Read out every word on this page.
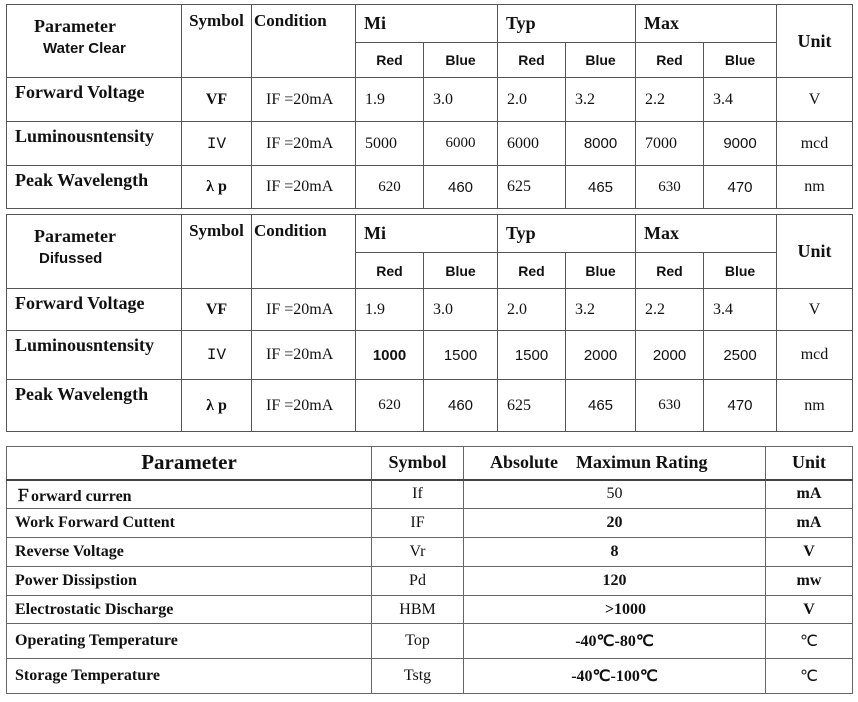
Parameter
Water Clear	Symbol	Condition	Mi		Typ		Max		Unit
			Red	Blue	Red	Blue	Red	Blue	
Forward Voltage	VF	IF =20mA	1.9	3.0	2.0	3.2	2.2	3.4	V
Luminousntensity	IV	IF =20mA	5000	6000	6000	8000	7000	9000	mcd
Peak Wavelength	λ p	IF =20mA	620	460	625	465	630	470	nm
Parameter
Difussed	Symbol	Condition	Mi		Typ		Max		Unit
			Red	Blue	Red	Blue	Red	Blue	
Forward Voltage	VF	IF =20mA	1.9	3.0	2.0	3.2	2.2	3.4	V
Luminousntensity	IV	IF =20mA	1000	1500	1500	2000	2000	2500	mcd
Peak Wavelength	λ p	IF =20mA	620	460	625	465	630	470	nm
Parameter	Symbol	Absolute    Maximun Rating	Unit
Ｆorward curren	If	50	mA
Work Forward Cuttent	IF	20	mA
Reverse Voltage	Vr	8	V
Power Dissipstion	Pd	120	mw
Electrostatic Discharge	HBM	>1000	V
Operating Temperature	Top	-40℃-80℃	℃
Storage Temperature	Tstg	-40℃-100℃	℃
